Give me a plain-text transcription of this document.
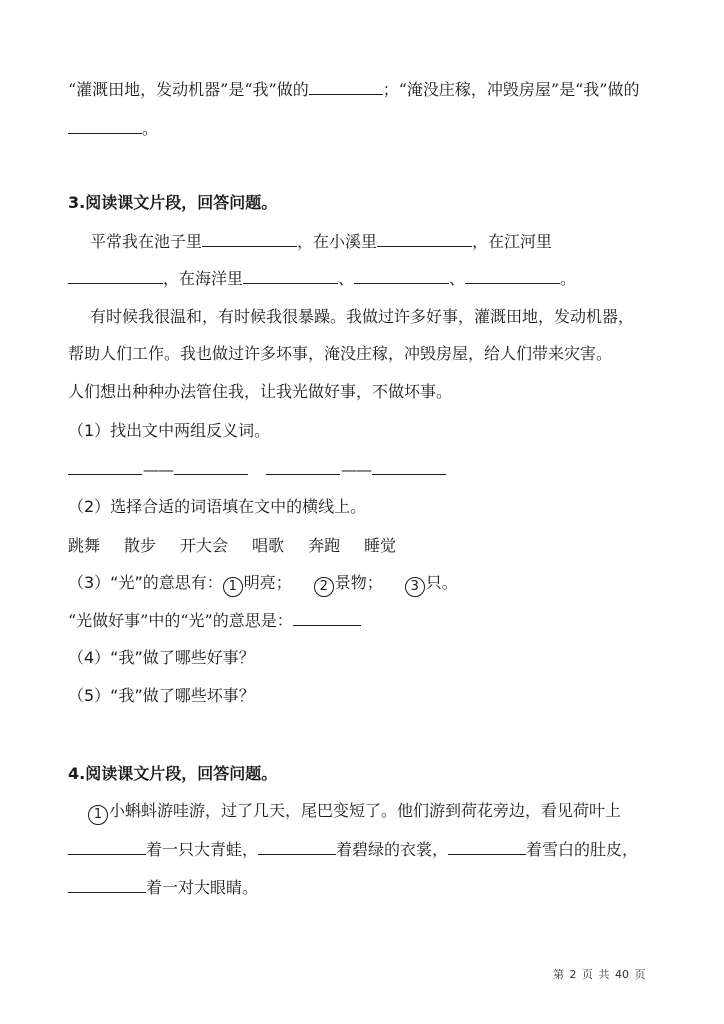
“灌溉田地，发动机器”是“我”做的	；“淹没庄稼，冲毁房屋”是“我”做的
。
3.阅读课文片段，回答问题。
平常我在池子里	，在小溪里	，在江河里
，在海洋里	、	、	。
有时候我很温和，有时候我很暴躁。我做过许多好事，灌溉田地，发动机器，
帮助人们工作。我也做过许多坏事，淹没庄稼，冲毁房屋，给人们带来灾害。
人们想出种种办法管住我，让我光做好事，不做坏事。
（1）找出文中两组反义词。
——	——
（2）选择合适的词语填在文中的横线上。
跳舞 散步 开大会 唱歌 奔跑 睡觉
（3）“光”的意思有： 1 明亮； 2 景物； 3 只。
“光做好事”中的“光”的意思是：
（4）“我”做了哪些好事？
（5）“我”做了哪些坏事？
4.阅读课文片段，回答问题。
1 小蝌蚪游哇游，过了几天，尾巴变短了。他们游到荷花旁边，看见荷叶上
着一只大青蛙，	着碧绿的衣裳，	着雪白的肚皮，
着一对大眼睛。
第 2 页 共 40 页
